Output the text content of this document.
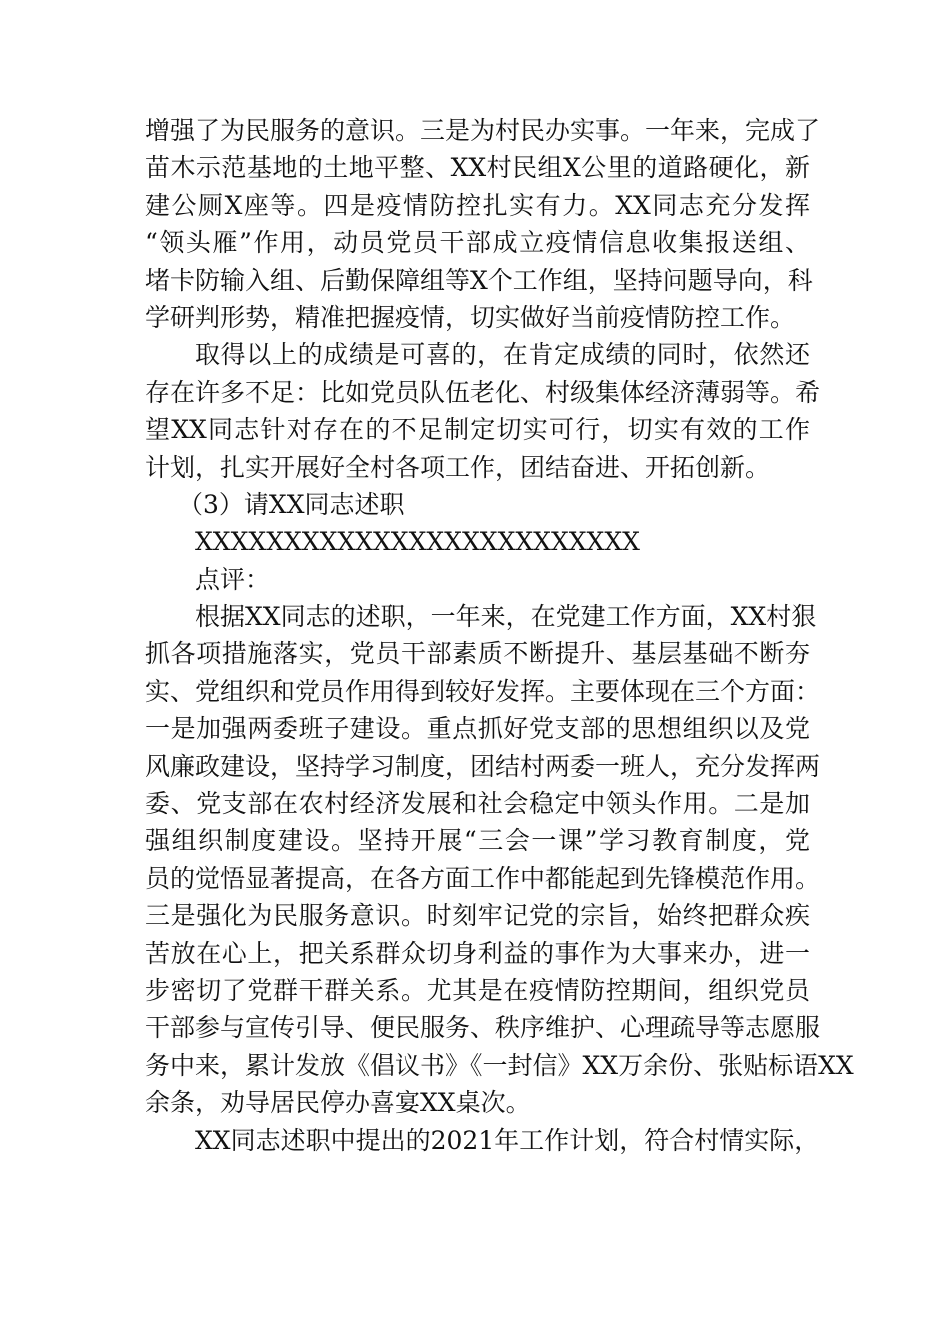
增强了为民服务的意识。三是为村民办实事。一年来，完成了
苗木示范基地的土地平整、XX村民组X公里的道路硬化，新
建公厕X座等。四是疫情防控扎实有力。XX同志充分发挥
“领头雁”作用，动员党员干部成立疫情信息收集报送组、
堵卡防输入组、后勤保障组等X个工作组，坚持问题导向，科
学研判形势，精准把握疫情，切实做好当前疫情防控工作。
取得以上的成绩是可喜的，在肯定成绩的同时，依然还
存在许多不足：比如党员队伍老化、村级集体经济薄弱等。希
望XX同志针对存在的不足制定切实可行，切实有效的工作
计划，扎实开展好全村各项工作，团结奋进、开拓创新。
（3）请XX同志述职
XXXXXXXXXXXXXXXXXXXXXXXXX
点评：
根据XX同志的述职，一年来，在党建工作方面，XX村狠
抓各项措施落实，党员干部素质不断提升、基层基础不断夯
实、党组织和党员作用得到较好发挥。主要体现在三个方面：
一是加强两委班子建设。重点抓好党支部的思想组织以及党
风廉政建设，坚持学习制度，团结村两委一班人，充分发挥两
委、党支部在农村经济发展和社会稳定中领头作用。二是加
强组织制度建设。坚持开展“三会一课”学习教育制度，党
员的觉悟显著提高，在各方面工作中都能起到先锋模范作用。
三是强化为民服务意识。时刻牢记党的宗旨，始终把群众疾
苦放在心上，把关系群众切身利益的事作为大事来办，进一
步密切了党群干群关系。尤其是在疫情防控期间，组织党员
干部参与宣传引导、便民服务、秩序维护、心理疏导等志愿服
务中来，累计发放《倡议书》《一封信》XX万余份、张贴标语XX
余条，劝导居民停办喜宴XX桌次。
XX同志述职中提出的2021年工作计划，符合村情实际，
